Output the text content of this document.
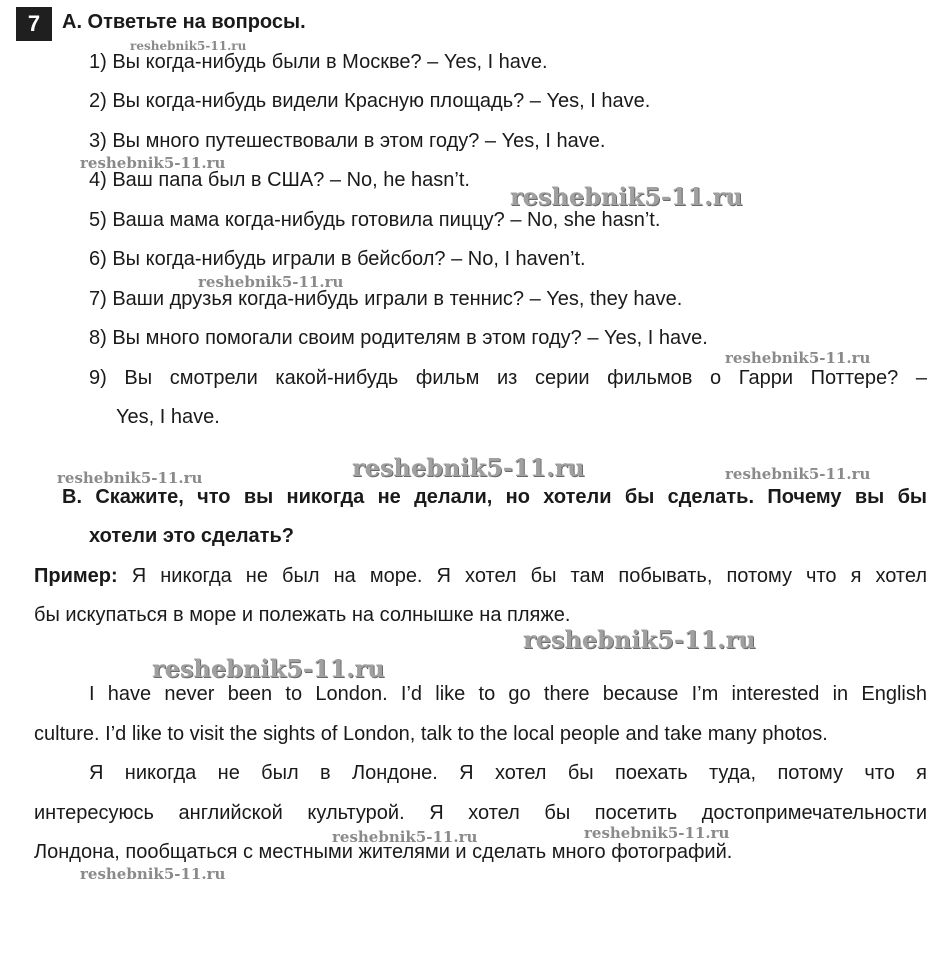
7	A. Ответьте на вопросы.
1) Вы когда-нибудь были в Москве? – Yes, I have.
2) Вы когда-нибудь видели Красную площадь? – Yes, I have.
3) Вы много путешествовали в этом году? – Yes, I have.
4) Ваш папа был в США? – No, he hasn’t.
5) Ваша мама когда-нибудь готовила пиццу? – No, she hasn’t.
6) Вы когда-нибудь играли в бейсбол? – No, I haven’t.
7) Ваши друзья когда-нибудь играли в теннис? – Yes, they have.
8) Вы много помогали своим родителям в этом году? – Yes, I have.
9) Вы смотрели какой-нибудь фильм из серии фильмов о Гарри Поттере? –
Yes, I have.
B. Скажите, что вы никогда не делали, но хотели бы сделать. Почему вы бы
хотели это сделать?
Пример: Я никогда не был на море. Я хотел бы там побывать, потому что я хотел
бы искупаться в море и полежать на солнышке на пляже.
I have never been to London. I’d like to go there because I’m interested in English
culture. I’d like to visit the sights of London, talk to the local people and take many photos.
Я никогда не был в Лондоне. Я хотел бы поехать туда, потому что я
интересуюсь английской культурой. Я хотел бы посетить достопримечательности
Лондона, пообщаться с местными жителями и сделать много фотографий.
reshebnik5-11.ru
reshebnik5-11.ru
reshebnik5-11.ru
reshebnik5-11.ru
reshebnik5-11.ru
reshebnik5-11.ru	reshebnik5-11.ru	reshebnik5-11.ru
reshebnik5-11.ru
reshebnik5-11.ru
reshebnik5-11.ru	reshebnik5-11.ru
reshebnik5-11.ru
